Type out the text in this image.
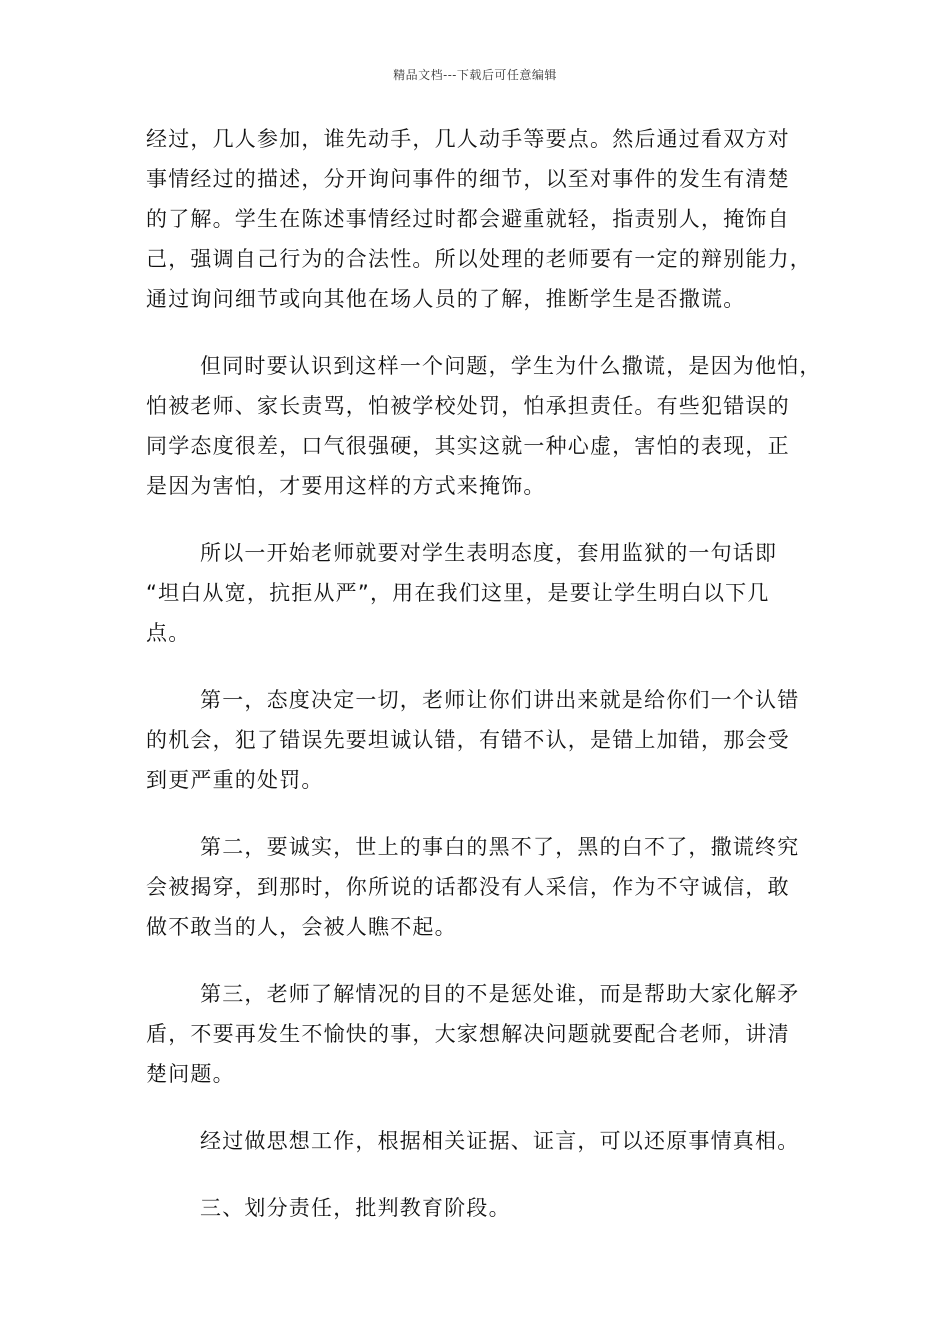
精品文档---下载后可任意编辑
经过，几人参加，谁先动手，几人动手等要点。然后通过看双方对
事情经过的描述，分开询问事件的细节，以至对事件的发生有清楚
的了解。学生在陈述事情经过时都会避重就轻，指责别人，掩饰自
己，强调自己行为的合法性。所以处理的老师要有一定的辩别能力，
通过询问细节或向其他在场人员的了解，推断学生是否撒谎。
但同时要认识到这样一个问题，学生为什么撒谎，是因为他怕，
怕被老师、家长责骂，怕被学校处罚，怕承担责任。有些犯错误的
同学态度很差，口气很强硬，其实这就一种心虚，害怕的表现，正
是因为害怕，才要用这样的方式来掩饰。
所以一开始老师就要对学生表明态度，套用监狱的一句话即
“坦白从宽，抗拒从严”，用在我们这里，是要让学生明白以下几
点。
第一，态度决定一切，老师让你们讲出来就是给你们一个认错
的机会，犯了错误先要坦诚认错，有错不认，是错上加错，那会受
到更严重的处罚。
第二，要诚实，世上的事白的黑不了，黑的白不了，撒谎终究
会被揭穿，到那时，你所说的话都没有人采信，作为不守诚信，敢
做不敢当的人，会被人瞧不起。
第三，老师了解情况的目的不是惩处谁，而是帮助大家化解矛
盾，不要再发生不愉快的事，大家想解决问题就要配合老师，讲清
楚问题。
经过做思想工作，根据相关证据、证言，可以还原事情真相。
三、划分责任，批判教育阶段。
